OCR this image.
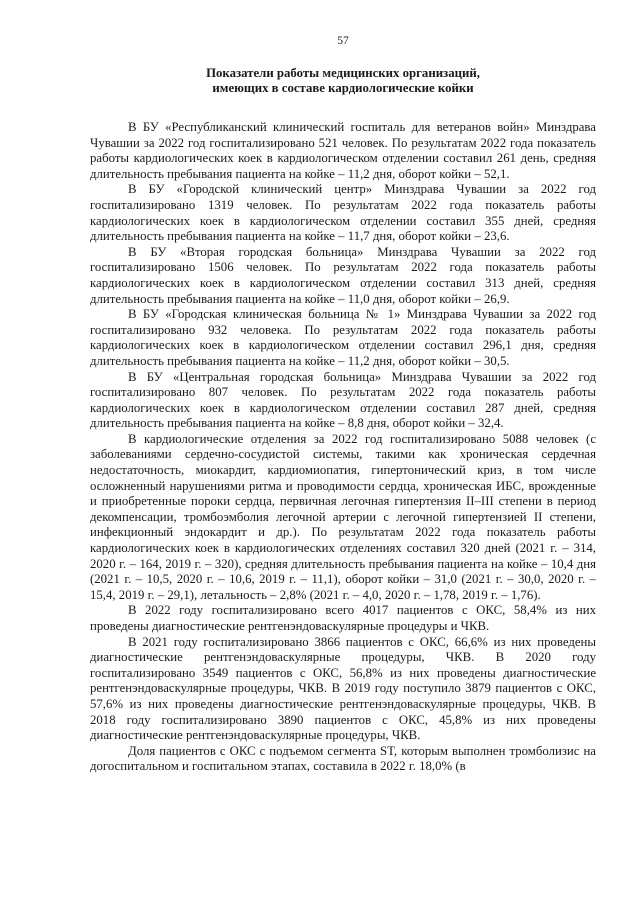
57
Показатели работы медицинских организаций,
имеющих в составе кардиологические койки

В БУ «Республиканский клинический госпиталь для ветеранов войн» Минздрава Чувашии за 2022 год госпитализировано 521 человек. По результатам 2022 года показатель работы кардиологических коек в кардиологическом отделении составил 261 день, средняя длительность пребывания пациента на койке – 11,2 дня, оборот койки – 52,1.

В БУ «Городской клинический центр» Минздрава Чувашии за 2022 год госпитализировано 1319 человек. По результатам 2022 года показатель работы кардиологических коек в кардиологическом отделении составил 355 дней, средняя длительность пребывания пациента на койке – 11,7 дня, оборот койки – 23,6.

В БУ «Вторая городская больница» Минздрава Чувашии за 2022 год госпитализировано 1506 человек. По результатам 2022 года показатель работы кардиологических коек в кардиологическом отделении составил 313 дней, средняя длительность пребывания пациента на койке – 11,0 дня, оборот койки – 26,9.

В БУ «Городская клиническая больница № 1» Минздрава Чувашии за 2022 год госпитализировано 932 человека. По результатам 2022 года показатель работы кардиологических коек в кардиологическом отделении составил 296,1 дня, средняя длительность пребывания пациента на койке – 11,2 дня, оборот койки – 30,5.

В БУ «Центральная городская больница» Минздрава Чувашии за 2022 год госпитализировано 807 человек. По результатам 2022 года показатель работы кардиологических коек в кардиологическом отделении составил 287 дней, средняя длительность пребывания пациента на койке – 8,8 дня, оборот койки – 32,4.

В кардиологические отделения за 2022 год госпитализировано 5088 человек (с заболеваниями сердечно-сосудистой системы, такими как хроническая сердечная недостаточность, миокардит, кардиомиопатия, гипертонический криз, в том числе осложненный нарушениями ритма и проводимости сердца, хроническая ИБС, врожденные и приобретенные пороки сердца, первичная легочная гипертензия II–III степени в период декомпенсации, тромбоэмболия легочной артерии с легочной гипертензией II степени, инфекционный эндокардит и др.). По результатам 2022 года показатель работы кардиологических коек в кардиологических отделениях составил 320 дней (2021 г. – 314, 2020 г. – 164, 2019 г. – 320), средняя длительность пребывания пациента на койке – 10,4 дня (2021 г. – 10,5, 2020 г. – 10,6, 2019 г. – 11,1), оборот койки – 31,0 (2021 г. – 30,0, 2020 г. – 15,4, 2019 г. – 29,1), летальность – 2,8% (2021 г. – 4,0, 2020 г. – 1,78, 2019 г. – 1,76).

В 2022 году госпитализировано всего 4017 пациентов с ОКС, 58,4% из них проведены диагностические рентгенэндоваскулярные процедуры и ЧКВ.

В 2021 году госпитализировано 3866 пациентов с ОКС, 66,6% из них проведены диагностические рентгенэндоваскулярные процедуры, ЧКВ. В 2020 году госпитализировано 3549 пациентов с ОКС, 56,8% из них проведены диагностические рентгенэндоваскулярные процедуры, ЧКВ. В 2019 году поступило 3879 пациентов с ОКС, 57,6% из них проведены диагностические рентгенэндоваскулярные процедуры, ЧКВ. В 2018 году госпитализировано 3890 пациентов с ОКС, 45,8% из них проведены диагностические рентгенэндоваскулярные процедуры, ЧКВ.

Доля пациентов с ОКС с подъемом сегмента ST, которым выполнен тромболизис на догоспитальном и госпитальном этапах, составила в 2022 г. 18,0% (в
